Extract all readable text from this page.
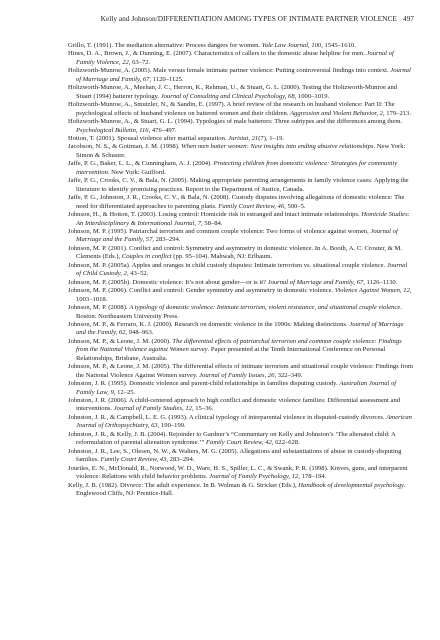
Kelly and Johnson/DIFFERENTIATION AMONG TYPES OF INTIMATE PARTNER VIOLENCE 497

Grillo, T. (1991). The mediation alternative: Process dangers for women. Yale Law Journal, 100, 1545–1610.

Hines, D. A., Brown, J., & Dunning, E. (2007). Characteristics of callers to the domestic abuse helpline for men. Journal of Family Violence, 22, 63–72.

Holtzworth-Munroe, A. (2005). Male versus female intimate partner violence: Putting controversial findings into context. Journal of Marriage and Family, 67, 1120–1125.

Holtzworth-Munroe, A., Meehan, J. C., Herron, K., Rehman, U., & Stuart, G. L. (2000). Testing the Holtzworth-Munroe and Stuart (1994) batterer typology. Journal of Consulting and Clinical Psychology, 68, 1000–1019.

Holtzworth-Munroe, A., Smutzler, N., & Sandin, E. (1997). A brief review of the research on husband violence: Part II: The psychological effects of husband violence on battered women and their children. Aggression and Violent Behavior, 2, 179–213.

Holtzworth-Munroe, A., & Stuart, G. L. (1994). Typologies of male batterers: Three subtypes and the differences among them. Psychological Bulletin, 116, 476–497.

Hotton, T. (2001). Spousal violence after marital separation. Juristat, 21(7), 1–19.

Jacobson, N. S., & Gottman, J. M. (1998). When men batter women: New insights into ending abusive relationships. New York: Simon & Schuster.

Jaffe, P. G., Baker, L. L., & Cunningham, A. J. (2004). Protecting children from domestic violence: Strategies for community intervention. New York: Guilford.

Jaffe, P. G., Crooks, C. V., & Bala, N. (2005). Making appropriate parenting arrangements in family violence cases: Applying the literature to identify promising practices. Report to the Department of Justice, Canada.

Jaffe, P. G., Johnston, J. R., Crooks, C. V., & Bala, N. (2008). Custody disputes involving allegations of domestic violence: The need for differentiated approaches to parenting plans. Family Court Review, 46, 500–5.

Johnson, H., & Hotton, T. (2003). Losing control: Homicide risk in estranged and intact intimate relationships. Homicide Studies: An Interdisciplinary & International Journal, 7, 58–84.

Johnson, M. P. (1995). Patriarchal terrorism and common couple violence: Two forms of violence against women, Journal of Marriage and the Family, 57, 283–294.

Johnson, M. P. (2001). Conflict and control: Symmetry and asymmetry in domestic violence. In A. Booth, A. C. Crouter, & M. Clements (Eds.), Couples in conflict (pp. 95–104). Mahwah, NJ: Erlbaum.

Johnson, M. P. (2005a). Apples and oranges in child custody disputes: Intimate terrorism vs. situational couple violence. Journal of Child Custody, 2, 43–52.

Johnson, M. P. (2005b). Domestic violence: It’s not about gender—or is it? Journal of Marriage and Family, 67, 1126–1130.

Johnson, M. P. (2006). Conflict and control: Gender symmetry and asymmetry in domestic violence. Violence Against Women, 12, 1003–1018.

Johnson, M. P. (2008). A typology of domestic violence: Intimate terrorism, violent resistance, and situational couple violence. Boston: Northeastern University Press.

Johnson, M. P., & Ferraro, K. J. (2000). Research on domestic violence in the 1990s: Making distinctions. Journal of Marriage and the Family, 62, 948–963.

Johnson, M. P., & Leone, J. M. (2000). The differential effects of patriarchal terrorism and common couple violence: Findings from the National Violence against Women survey. Paper presented at the Tenth International Conference on Personal Relationships, Brisbane, Australia.

Johnson, M. P., & Leone, J. M. (2005). The differential effects of intimate terrorism and situational couple violence: Findings from the National Violence Against Women survey. Journal of Family Issues, 26, 322–349.

Johnston, J. R. (1995). Domestic violence and parent-child relationships in families disputing custody. Australian Journal of Family Law, 9, 12–25.

Johnston, J. R. (2006). A child-centered approach to high conflict and domestic violence families: Differential assessment and interventions. Journal of Family Studies, 12, 15–36.

Johnston, J. R., & Campbell, L. E. G. (1993). A clinical typology of interparental violence in disputed-custody divorces. American Journal of Orthopsychiatry, 63, 190–199.

Johnston, J. R., & Kelly, J. B. (2004). Rejoinder to Gardner’s “Commentary on Kelly and Johnston’s ‘The alienated child: A reformulation of parental alienation syndrome.’” Family Court Review, 42, 622–628.

Johnston, J. R., Lee, S., Olesen, N. W., & Walters, M. G. (2005). Allegations and substantiations of abuse in custody-disputing families. Family Court Review, 43, 283–294.

Jouriles, E. N., McDonald, R., Norwood, W. D., Ware, H. S., Spiller, L. C., & Swank, P. R. (1998). Knives, guns, and interparent violence: Relations with child behavior problems. Journal of Family Psychology, 12, 178–194.

Kelly, J. B. (1982). Divorce: The adult experience. In B. Wolman & G. Stricker (Eds.), Handbook of developmental psychology. Englewood Cliffs, NJ: Prentice-Hall.
